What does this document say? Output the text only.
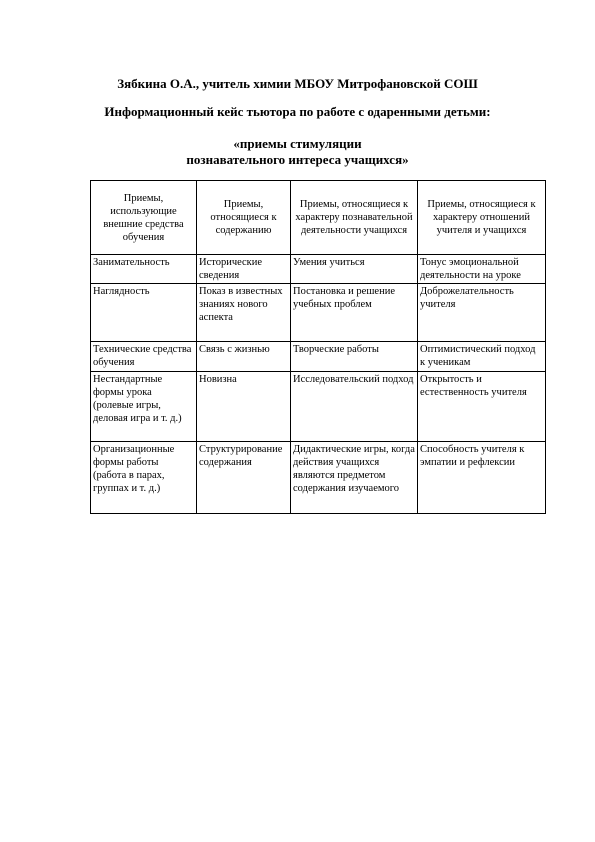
Зябкина О.А., учитель химии МБОУ Митрофановской СОШ
Информационный кейс тьютора по работе с одаренными детьми:
«приемы стимуляции
познавательного интереса учащихся»
Приемы, использующие внешние средства обучения	Приемы, относящиеся к содержанию	Приемы, относящиеся к характеру познавательной деятельности учащихся	Приемы, относящиеся к характеру отношений учителя и учащихся
Занимательность	Исторические сведения	Умения учиться	Тонус эмоциональной деятельности на уроке
Наглядность	Показ в известных знаниях нового аспекта	Постановка и решение учебных проблем	Доброжелательность учителя
Технические средства обучения	Связь с жизнью	Творческие работы	Оптимистический подход к ученикам
Нестандартные формы урока (ролевые игры, деловая игра и т. д.)	Новизна	Исследовательский подход	Открытость и естественность учителя
Организационные формы работы (работа в парах, группах и т. д.)	Структурирование содержания	Дидактические игры, когда действия учащихся являются предметом содержания изучаемого	Способность учителя к эмпатии и рефлексии
